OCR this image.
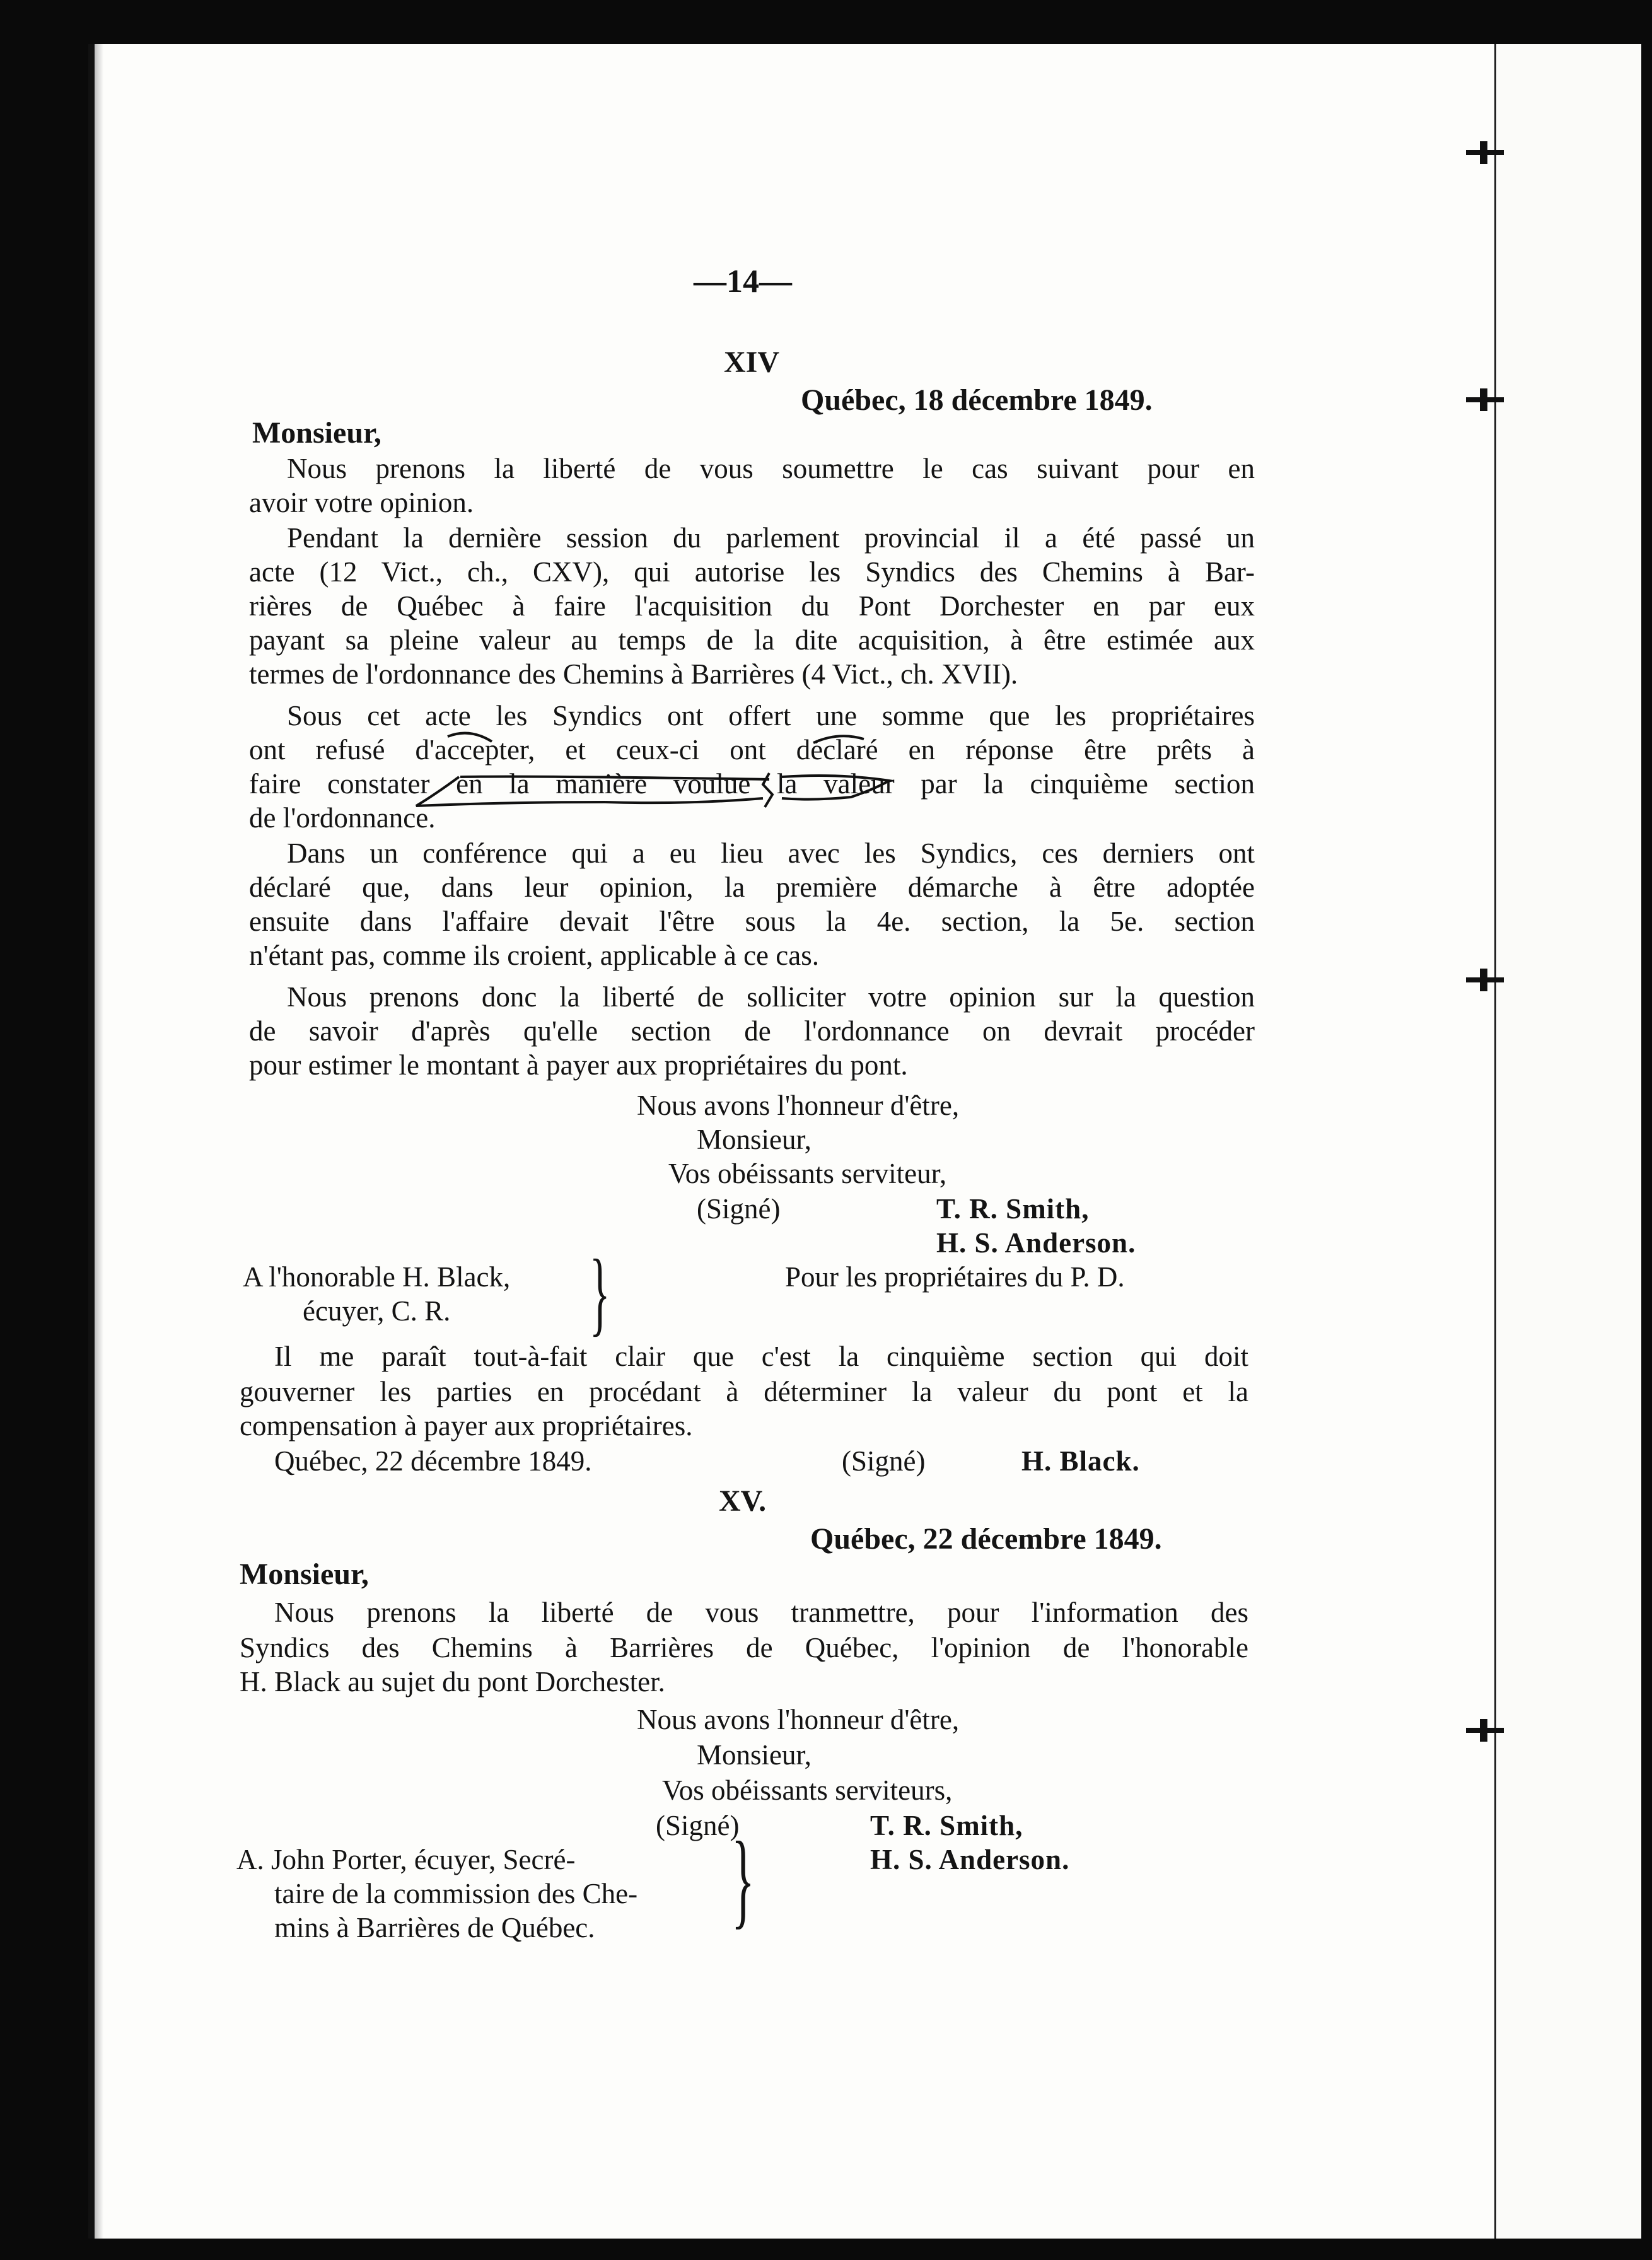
—14—
XIV
Québec, 18 décembre 1849.
Monsieur,
Nous prenons la liberté de vous soumettre le cas suivant pour en
avoir votre opinion.
Pendant la dernière session du parlement provincial il a été passé un
acte (12 Vict., ch., CXV), qui autorise les Syndics des Chemins à Bar-
rières de Québec à faire l'acquisition du Pont Dorchester en par eux
payant sa pleine valeur au temps de la dite acquisition, à être estimée aux
termes de l'ordonnance des Chemins à Barrières (4 Vict., ch. XVII).
Sous cet acte les Syndics ont offert une somme que les propriétaires
ont refusé d'accepter, et ceux-ci ont déclaré en réponse être prêts à
faire constater en la manière voulue la valeur par la cinquième section
de l'ordonnance.
Dans un conférence qui a eu lieu avec les Syndics, ces derniers ont
déclaré que, dans leur opinion, la première démarche à être adoptée
ensuite dans l'affaire devait l'être sous la 4e. section, la 5e. section
n'étant pas, comme ils croient, applicable à ce cas.
Nous prenons donc la liberté de solliciter votre opinion sur la question
de savoir d'après qu'elle section de l'ordonnance on devrait procéder
pour estimer le montant à payer aux propriétaires du pont.
Nous avons l'honneur d'être,
Monsieur,
Vos obéissants serviteur,
(Signé)	T. R. Smith,
H. S. Anderson.
A l'honorable H. Black,
écuyer, C. R. }	Pour les propriétaires du P. D.
Il me paraît tout-à-fait clair que c'est la cinquième section qui doit
gouverner les parties en procédant à déterminer la valeur du pont et la
compensation à payer aux propriétaires.
Québec, 22 décembre 1849.	(Signé)	H. Black.
XV.
Québec, 22 décembre 1849.
Monsieur,
Nous prenons la liberté de vous tranmettre, pour l'information des
Syndics des Chemins à Barrières de Québec, l'opinion de l'honorable
H. Black au sujet du pont Dorchester.
Nous avons l'honneur d'être,
Monsieur,
Vos obéissants serviteurs,
(Signé)	T. R. Smith,
H. S. Anderson.
A. John Porter, écuyer, Secré-
taire de la commission des Che-
mins à Barrières de Québec. }
